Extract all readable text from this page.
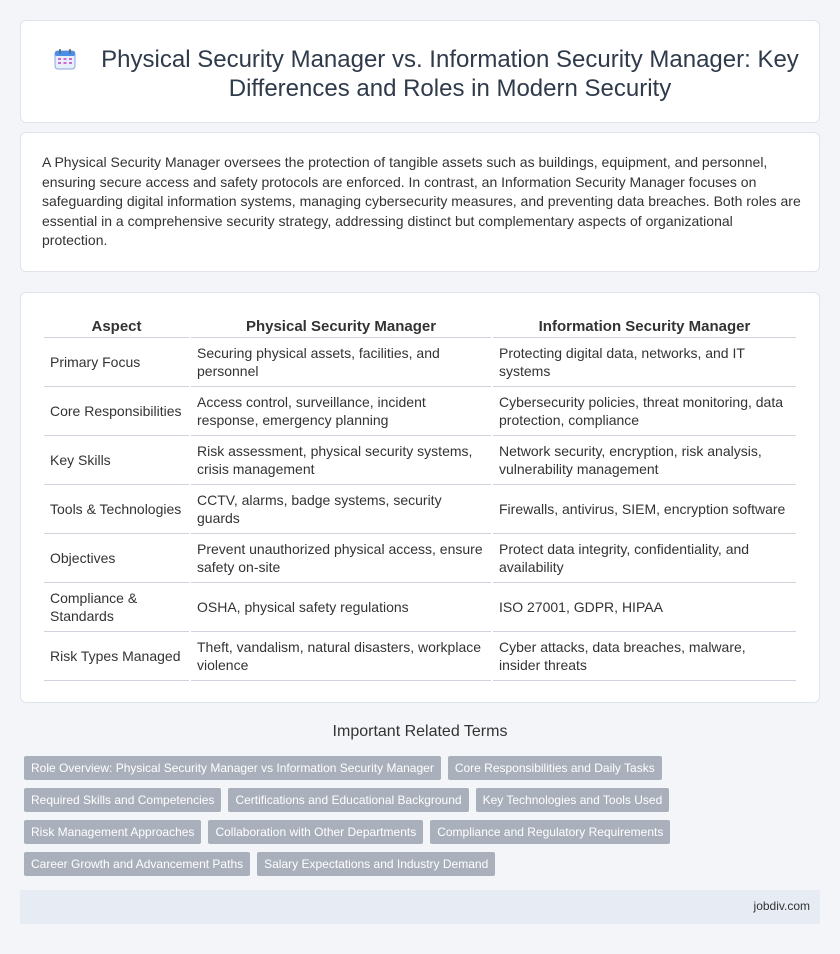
Physical Security Manager vs. Information Security Manager: Key Differences and Roles in Modern Security

A Physical Security Manager oversees the protection of tangible assets such as buildings, equipment, and personnel, ensuring secure access and safety protocols are enforced. In contrast, an Information Security Manager focuses on safeguarding digital information systems, managing cybersecurity measures, and preventing data breaches. Both roles are essential in a comprehensive security strategy, addressing distinct but complementary aspects of organizational protection.

Aspect	Physical Security Manager	Information Security Manager
Primary Focus	Securing physical assets, facilities, and personnel	Protecting digital data, networks, and IT systems
Core Responsibilities	Access control, surveillance, incident response, emergency planning	Cybersecurity policies, threat monitoring, data protection, compliance
Key Skills	Risk assessment, physical security systems, crisis management	Network security, encryption, risk analysis, vulnerability management
Tools & Technologies	CCTV, alarms, badge systems, security guards	Firewalls, antivirus, SIEM, encryption software
Objectives	Prevent unauthorized physical access, ensure safety on-site	Protect data integrity, confidentiality, and availability
Compliance & Standards	OSHA, physical safety regulations	ISO 27001, GDPR, HIPAA
Risk Types Managed	Theft, vandalism, natural disasters, workplace violence	Cyber attacks, data breaches, malware, insider threats
Important Related Terms
Role Overview: Physical Security Manager vs Information Security Manager	Core Responsibilities and Daily Tasks
Required Skills and Competencies	Certifications and Educational Background	Key Technologies and Tools Used
Risk Management Approaches	Collaboration with Other Departments	Compliance and Regulatory Requirements
Career Growth and Advancement Paths	Salary Expectations and Industry Demand
jobdiv.com
